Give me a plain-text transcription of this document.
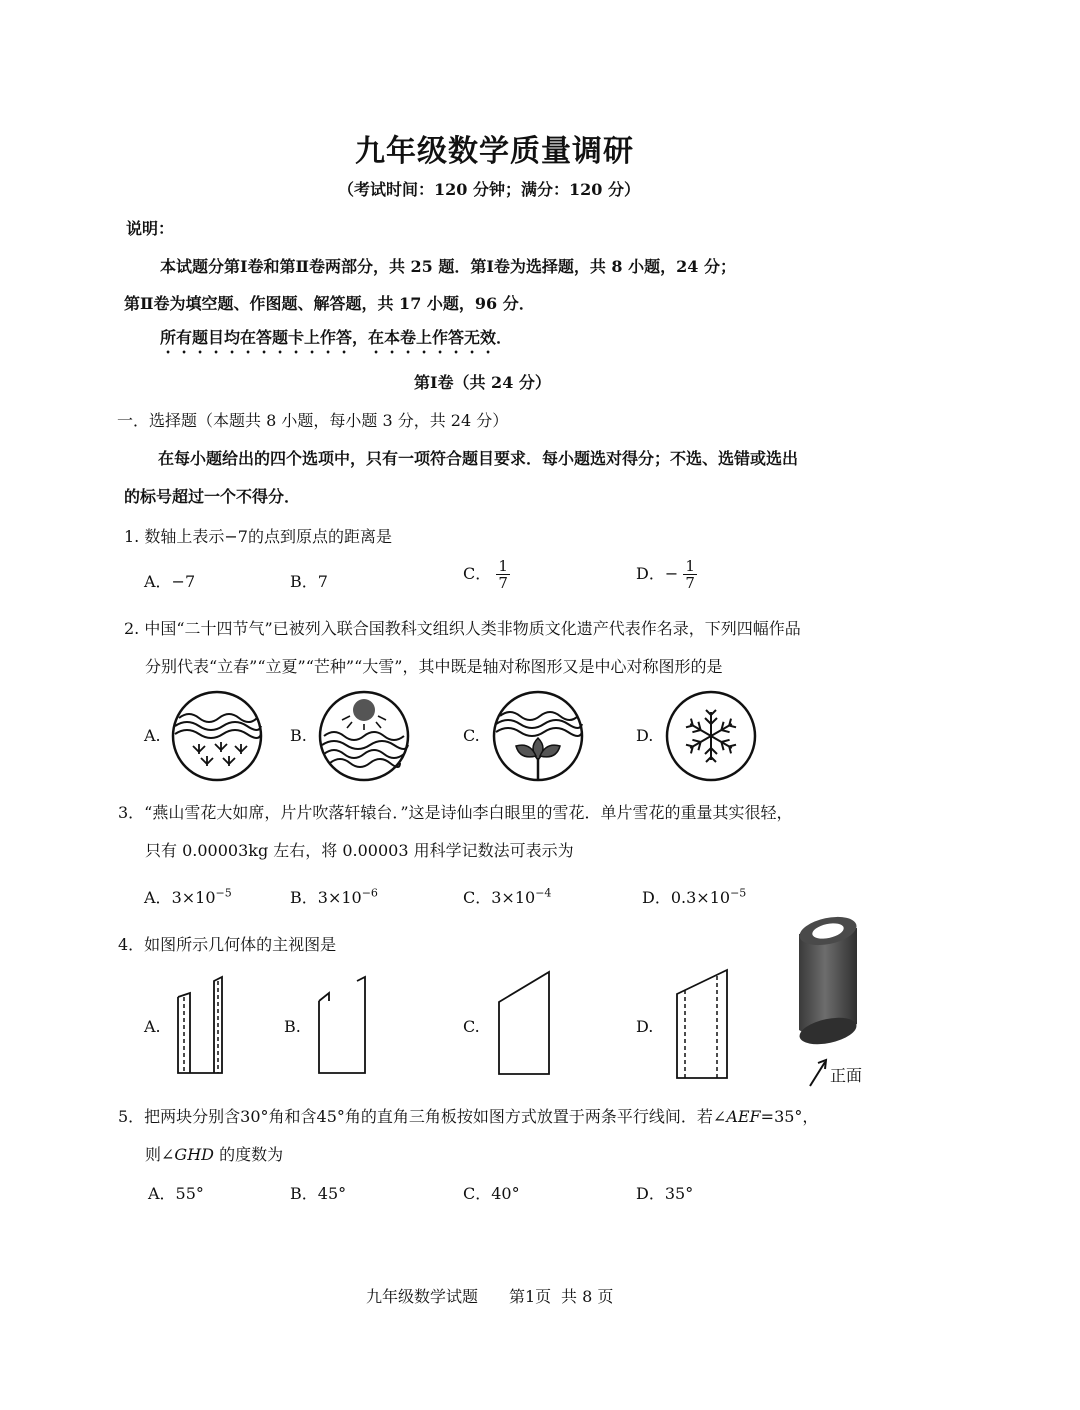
九年级数学质量调研
（考试时间：120 分钟；满分：120 分）
说明：
本试题分第Ⅰ卷和第Ⅱ卷两部分，共 25 题．第Ⅰ卷为选择题，共 8 小题，24 分；
第Ⅱ卷为填空题、作图题、解答题，共 17 小题，96 分．
所有题目均在答题卡上作答，在本卷上作答无效．
第Ⅰ卷（共 24 分）
一．选择题（本题共 8 小题，每小题 3 分，共 24 分）
在每小题给出的四个选项中，只有一项符合题目要求．每小题选对得分；不选、选错或选出
的标号超过一个不得分．
1. 数轴上表示−7的点到原点的距离是
A．−7	B．7	C． $\frac{1}{7}$	D．− $\frac{1}{7}$
2. 中国“二十四节气”已被列入联合国教科文组织人类非物质文化遗产代表作名录，下列四幅作品
分别代表“立春”“立夏”“芒种”“大雪”，其中既是轴对称图形又是中心对称图形的是
A.	B.	C.	D.
3．“燕山雪花大如席，片片吹落轩辕台．”这是诗仙李白眼里的雪花．单片雪花的重量其实很轻，
只有 0.00003kg 左右，将 0.00003 用科学记数法可表示为
A．$3\times 10^{-5}$	B．$3\times 10^{-6}$	C．$3\times 10^{-4}$	D．$0.3\times 10^{-5}$
4．如图所示几何体的主视图是
A.	B.	C.	D.
正面
5．把两块分别含30°角和含45°角的直角三角板按如图方式放置于两条平行线间．若∠AEF=35°，
则∠GHD 的度数为
A．55°	B．45°	C．40°	D．35°
九年级数学试题 第1页 共 8 页
